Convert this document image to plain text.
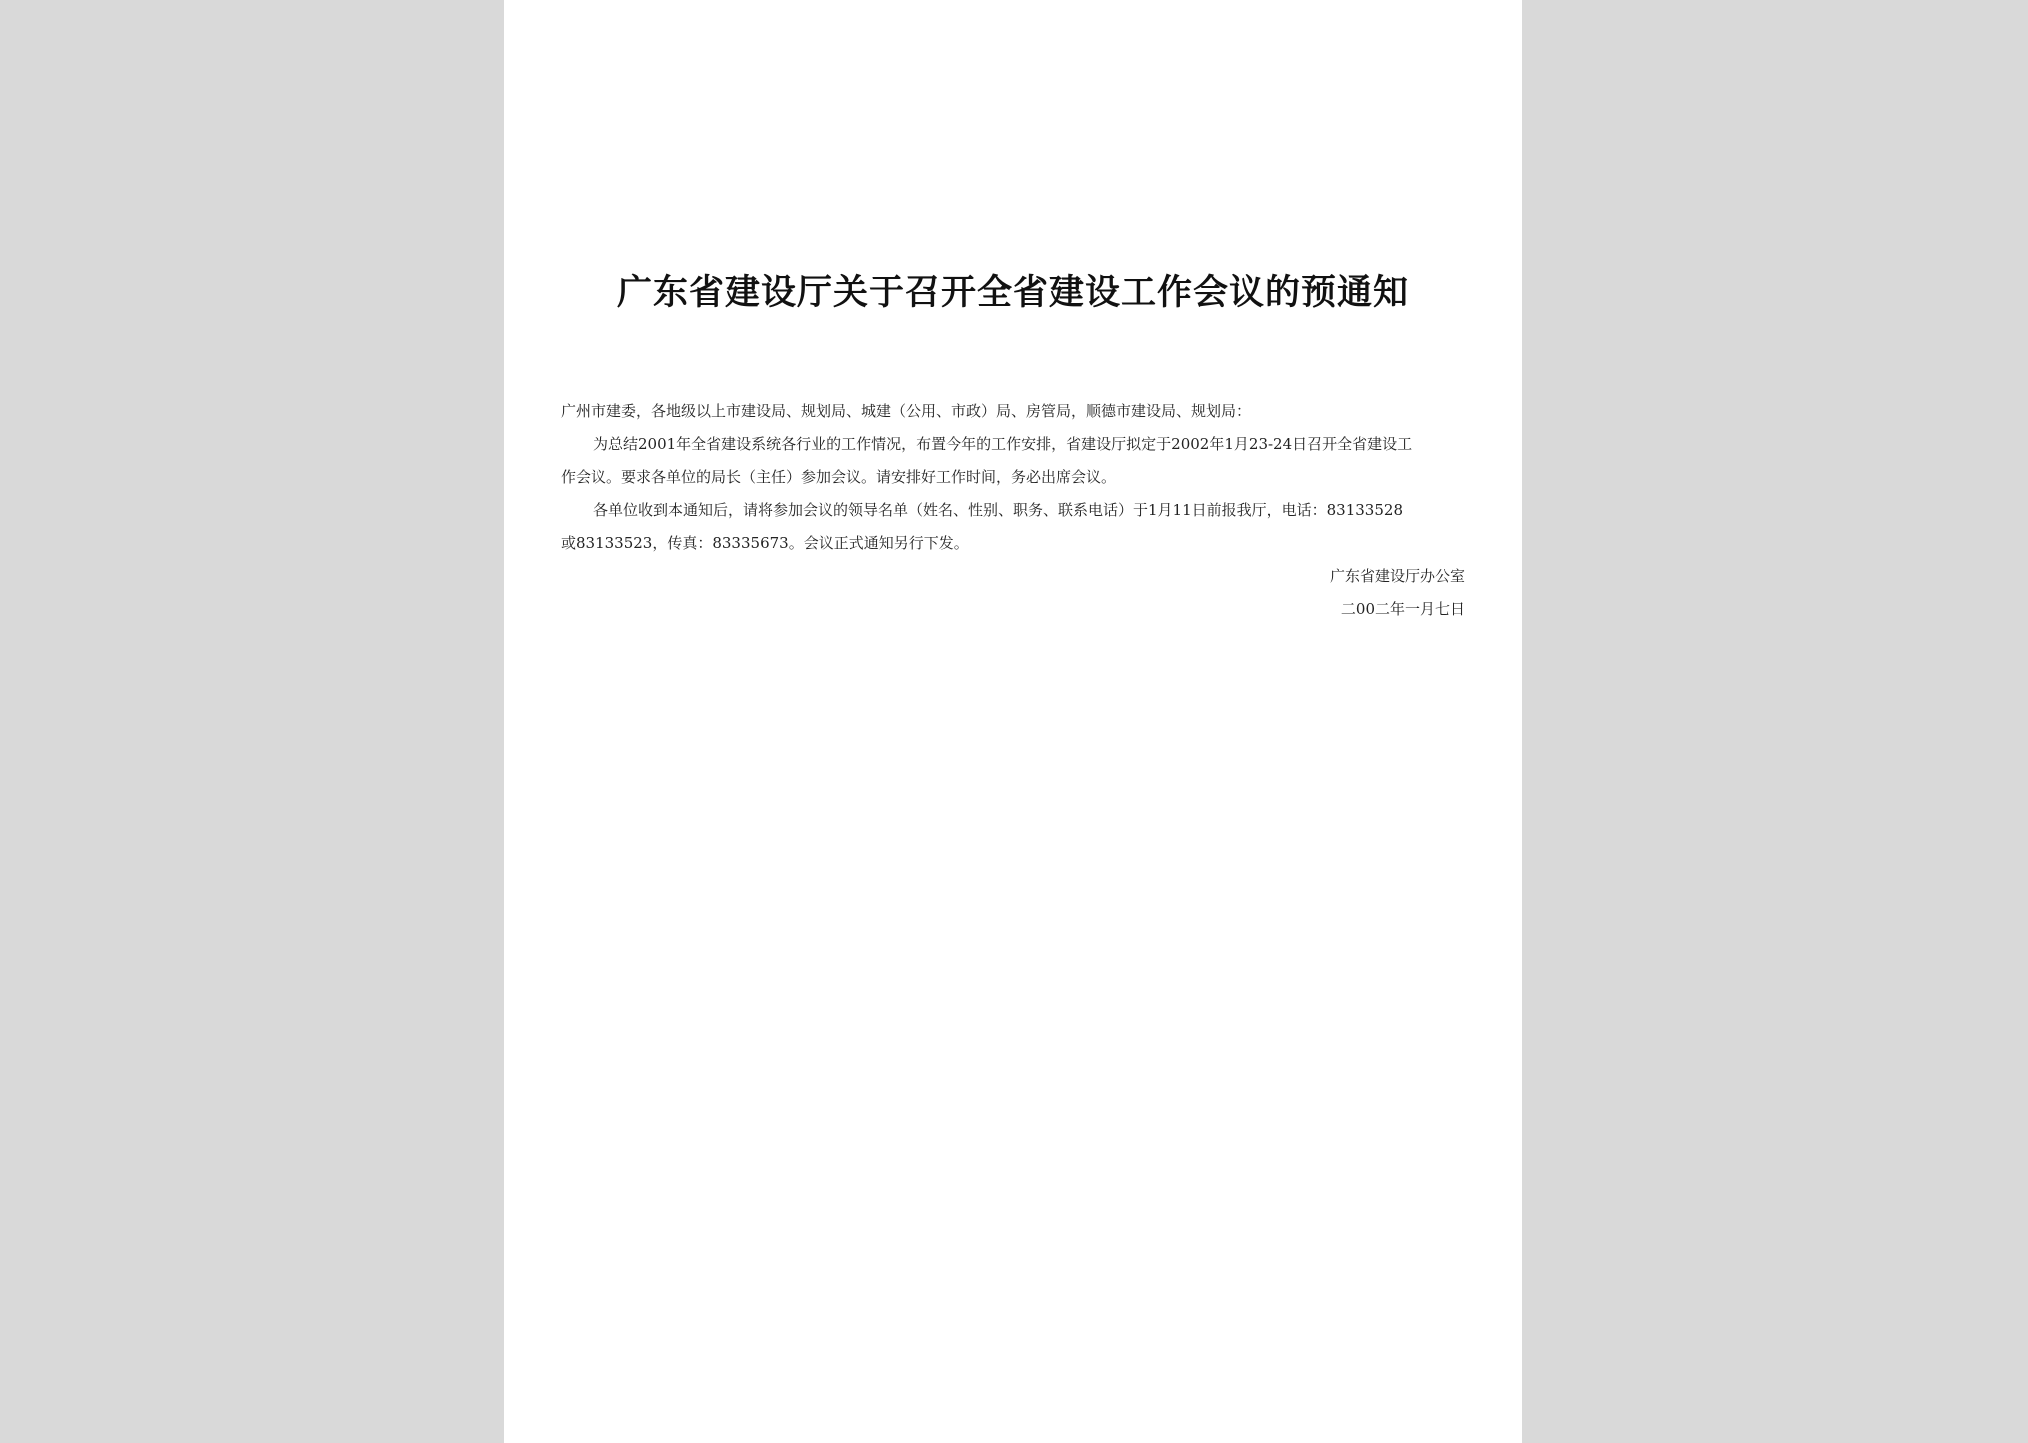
广东省建设厅关于召开全省建设工作会议的预通知
广州市建委，各地级以上市建设局、规划局、城建（公用、市政）局、房管局，顺德市建设局、规划局：
为总结2001年全省建设系统各行业的工作情况，布置今年的工作安排，省建设厅拟定于2002年1月23-24日召开全省建设工
作会议。要求各单位的局长（主任）参加会议。请安排好工作时间，务必出席会议。
各单位收到本通知后，请将参加会议的领导名单（姓名、性别、职务、联系电话）于1月11日前报我厅，电话：83133528
或83133523，传真：83335673。会议正式通知另行下发。
广东省建设厅办公室
二00二年一月七日
